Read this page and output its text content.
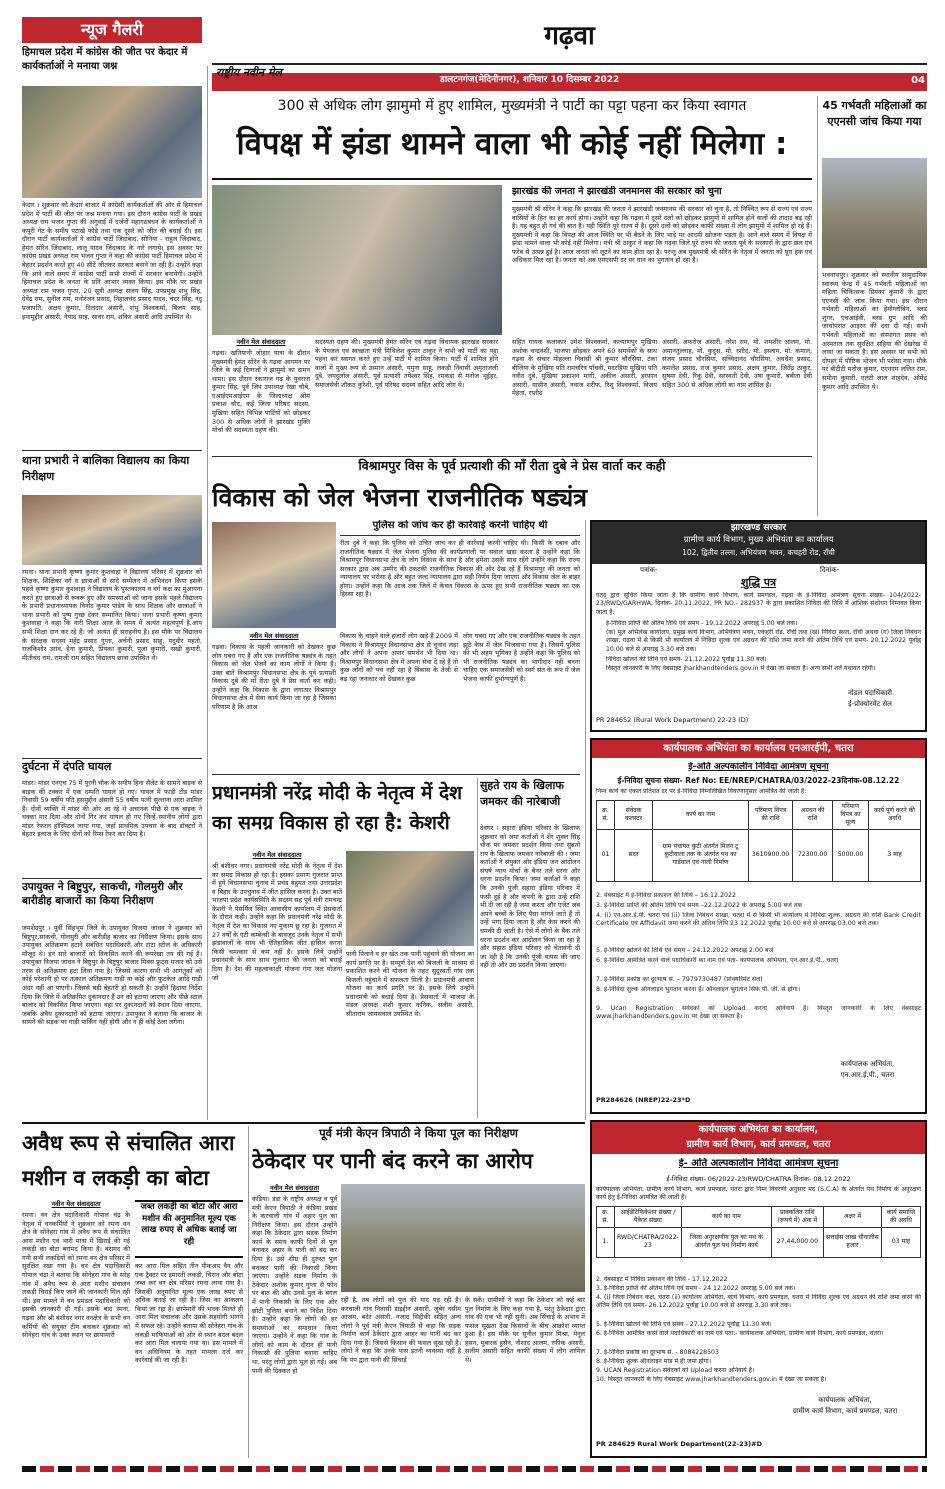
गढ़वा
राष्ट्रीय नवीन मेल
डालटनगंज(मेदिनीनगर), शनिवार 10 दिसम्बर 2022	04
न्यूज गैलरी
हिमाचल प्रदेश में कांग्रेस की जीत पर केदार में कार्यकर्ताओं ने मनाया जश्न
केदार । शुक्रवार को केदार बाजार में कांग्रेसी कार्यकर्ताओं की ओर से हिमाचल प्रदेश में पार्टी की जीत पर जश्न मनाया गया। इस दौरान कांग्रेस पार्टी के प्रखंड अध्यक्ष राम भजन गुप्ता की अगुवाई में दर्जनों महागठबंधन के कार्यकर्ताओं ने कपूरी गेट के समीप पटाखे फोड़े तथा एक दूसरे को जीत की बधाई दी। इस दौरान पार्टी कार्यकर्ताओं ने कांग्रेस पार्टी जिंदाबाद, सोनिया - राहुल जिंदाबाद, हेमंत सोरेन जिंदाबाद, लालू यादव जिंदाबाद के नारे लगाये। इस अवसर पर कांग्रेस प्रखंड अध्यक्ष राम भजन गुप्ता ने कहा की कांग्रेस पार्टी हिमाचल प्रदेश में बेहतर प्रदर्शन करते हुए 40 सीटें जीतकर सरकार बनाने जा रही है। उन्होंने कहा कि आने वाले समय में कांग्रेस पार्टी सभी राज्यों में सरकार बनायेगी। उन्होंने हिमाचल प्रदेश के जनता के प्रति आभार व्यक्त किया। इस मौके पर प्रखंड अध्यक्ष राम भजन गुप्ता, 20 सूत्री अध्यक्ष संजय सिंह, उपप्रमुख शंभु सिंह, देवेंद्र राम, सुनील राम, मनोरंजन प्रसाद, निहालचंद प्रसाद यादव, चंदर सिंह, नंदू प्रजापति, अक्षय कुमार, दिलदार अंसारी, शंभु विश्वकर्मा, बिजय साह, इमामुद्दीन अंसारी, नेयाद साह, सावर राम, शकिर अंसारी आदि उपस्थित थे।
थाना प्रभारी ने बालिका विद्यालय का किया निरीक्षण
रमना। थाना प्रभारी कृष्णा कुमार कुशवाहा ने विद्यालय परिसर में शुक्रवार को शिक्षक, शिक्षिका वर्ग व छात्राओं से सादे सम्मेलन में अभिनंदन किया इसके पहले कृष्णा कुमार कुशवाहा ने विद्यालय के पुस्तकालय व वर्ग कक्ष का मुआयना करते हुए छात्राओं से रूबरू हुए और समस्याओं को जाना इसके पहले विद्यालय के प्रभारी प्रधानाध्यापक विनोद कुमार पांडेय के साथ शिक्षक और छात्राओं ने थाना प्रभारी को पुष्प गुच्छ देकर सम्मानित किया। थाना प्रभारी कृष्णा कुमार कुशवाहा ने कहा कि नारी शिक्षा आज के समय में अत्यंत महत्वपूर्ण है,आप सभी शिक्षा दान कर रहे हैं। जो अत्यंत ही सराहनीय है। इस मौके पर विद्यालय के संरक्षक सदस्य महेंद्र प्रसाद गुप्ता, अर्चनी प्रसाद साहु, यदुवीर महतो, राजकिशोर उरांव, हेना कुमारी, प्रियंका कुमारी, पूजा कुमारी, सखी कुमारी, मीतीचंद राम, रामजी राम सहित विद्यालय छात्रा उपस्थित थे।
दुर्घटना में दंपति घायल
मांडर। मांडर एनएच 75 में पुरनी चौक के समीप हिना सैलेट के सामने बाइक से बाइक की टक्कर में एक दम्पति घायल हो गए। घायल में फाड़ी टोंड मांडर निवासी 59 वर्षीय पति हसमुद्दीन अंसारी 55 वर्षीय पत्नी सुल्ताना आरा शामिल हैं। दोनों व्यक्ति में मांडर की ओर आ रहे थे अचानक पीछे से एक बाइक ने धक्का मार दिया और दोनों गिर कर घायल हो गए जिन्हें स्थानीय लोगों द्वारा मांडर रेफरल हॉस्पिटल लाया गया, जहाँ प्राथमिक उपचार के बाद डॉक्टरों ने बेहतर इलाज के लिए दोनों को रिम्स रेफर कर दिया है।
उपायुक्त ने बिष्टुपुर, साकची, गोलमुरी और बारीडीह बाजारों का किया निरीक्षण
जमशेदपुर । पूर्वी सिंहभूम जिले के उपायुक्त विजया जाधव ने शुक्रवार को बिष्टुपुर,साकची, गोलमुरी और बारीडीह बाजार का निरीक्षण किया। इसके साथ उपायुक्त अतिक्रमण हटाने संबंधित पदाधिकारी और टाटा स्टील के अधिकारी मौजूद थे। इन सारे बाजारों को विकसित करने की रूपरेखा तय की गई है। उपायुक्त विजया जाधव ने बिष्टुपुर के बिष्टुपुर बाजार मिक्स फ्रूट्स मजार को उसे तरफ से अतिक्रमण हटा लिया गया है। जिससे कारण सभी भी आगंतुकों को कोई परेशानी हो पर तत्काल अतिक्रमण गाड़ी या कोई और फुटकेल आदि गाड़ी अंदर नहीं आ पाएगी। जिससे बड़ी बेहतरी हो सकती है। उन्होंने हिदाया निर्देश दिया कि जिले में अतिक्रमित दुकानदार हैं उन को हटाया जाएगा और पीछे स्टाल बाजार को विकसित किया जाएगा। वहां पर दुकानदारों को स्थान दिया जाएगा, जबकि अवैध दुकानदारों को हटाया जाएगा। उपायुक्त ने बताया कि बाजार के सामने की सड़क पर गाड़ी पार्किंग नहीं होगी और न ही कोई ठेला लगेगा।
300 से अधिक लोग झामुमो में हुए शामिल, मुख्यमंत्री ने पार्टी का पट्टा पहना कर किया स्वागत
विपक्ष में झंडा थामने वाला भी कोई नहीं मिलेगा :
झारखंड की जनता ने झारखंडी जनमानस की सरकार को चुना
मुख्यमंत्री श्री सोरेन ने कहा कि झारखंड की जनता ने झारखंडी जनमानस की सरकार को चुना है, तो निश्चित रूप से राज्य एवं राज्य वासियों के हित का हर कार्य होगा। उन्होंने कहा कि गढ़वा में दूसरे दलों को छोड़कर झामुमो में शामिल होने वालों की तादाद बढ़ रही है। यह बहुत ही गर्व की बात है। यही स्थिति पूरे राज्य में है। दूसरे दलों को छोड़कर काफी संख्या में लोग झामुमो में शामिल हो रहे हैं। मुख्यमंत्री ने कहा कि विपक्ष की आज स्थिति पर भी बैठने के लिए भाड़े पर आदमी खोजना पड़ता है। आने वाले समय में विपक्ष में झंडा थामने वाला भी कोई नहीं मिलेगा। मंत्री श्री ठाकुर ने कहा कि गढ़वा जिले पूरे राज्य की जनता पूर्व के सरकारों के द्वारा छल एवं फरेब से उत्पन्न हुई है। आज जनता को लूटने का काम होता रहा है। परन्तु अब मुख्यमंत्री श्री सोरेन के नेतृत्व में जनता को पूरा हक एवं अधिकार मिल रहा है। जनता को अब एमएसपी दर पर धान का भुगतान हो रहा है।
नवीन मेल संवाददाता
गढ़वा। खतियानी जोहार यात्रा के दौरान मुख्यमंत्री हेमंत सोरेन के गढ़वा आगमन पर जिले के कई दिग्गजों ने झामुमो का दामन थामा। इस दौरान रंकाराज गढ़ के युवराज कुमार सिंह, पूर्व जिप उपाध्यक्ष रेखा चौबे, एआईएमआईएम के जिलाध्यक्ष ओम प्रकाश चौद, कई जिला परिषद सदस्य, मुखिया सहित विभिन्न पार्टियों को छोड़कर 300 से अधिक लोगों ने झारखंड मुक्ति मोर्चा की सदस्यता ग्रहण की।
सदस्यता ग्रहण की। मुख्यमंत्री हेमंत सोरेन एवं गढ़वा विधायक झारखंड सरकार के पेयजल एवं स्वच्छता मंत्री मिथिलेश कुमार ठाकुर ने सभी को पार्टी का पट्टा पहना कर स्वागत करते हुए उन्हें पार्टी में शामिल किया। पार्टी में शामिल होने वालों में मुख्य रूप से उस्मान अंसारी, यमुना साहू, लकड़ी निवासी अमृतांजली दुबे, जयदुर्लाल अंसारी, पूर्व प्रत्याशी तपेश्वर सिंह, रमकंडा से मनोज भूईहर, समाजसेवी शौकत कुरैशी, पूर्व परिषद सदस्य सहित आदि लोग थे।
सहित गायक कलाकार उमेश विश्वकर्मा, कल्याणपुर मुखिया अशोक चन्द्रवंशी, भाजपा छोड़कर अपने 60 समर्थकों के साथ गढ़वा के संचार मोहल्ला निवासी श्री कुमार चौरसिया, टंका बीलिया के मुखिया पति रामचरित्र पाँचवी, मदरहिया मुखिया पति नवीन दुबे, मुखिया प्रकाशन मांगी, अकील अंसारी, इरफान अंसारी, यासीन अंसारी, नवाज शरीफ, रिशु विश्वकर्मा, विजय मेहता, राशीद
अंसारी, अफरोज अंसारी, नरेश राम, मो. शमशीर आलम, मो. अमानतुल्लाह, मो. कुदुस, मो. रशीद, मो. इस्लाम, मो. कमाल, संजय प्रसाद चौरसिया, सच्चिदानंद चौरसिया, अवधेश प्रसाद, कमलेश प्रसाद, राज कुमार प्रसाद, अक्षय कुमार, जितेंद्र ठाकुर, सुषमा देवी, रिंकू देवी, सरस्वती देवी, उषा कुमारी, बबीता देवी सहित 300 से अधिक लोगों का नाम शामिल है।
45 गर्भवती महिलाओं का एएनसी जांच किया गया
भवनाथपुर। शुक्रवार को स्थानीय सामुदायिक स्वास्थ्य केन्द्र में 45 गर्भवती महिलाओं का महिला चिकित्सक प्रियंका कुमारी के द्वारा एएनसी की जांच किया गया। इस दौरान गर्भवती महिलाओं का हेमोग्लोबिन, ब्लड शुगर, एचआईवी, ब्लड ग्रुप आदि की जांचोपरांत आइरन की दवा दी गई। सभी गर्भवती महिलाओं का संस्थागत प्रसव को अस्पताल तक सुरक्षित सहिया की देखरेख में लाया जा सकता है। इस अवसर पर सभी को दोपहर में पौष्टिक भोजन भी परोसा गया। मौके पर बीटीटी मनोज कुमार, एएनएम ललित राम, समीना कुमारी, एलटी लाल शाहदेव, ओमेंद्र कुमार आदि उपस्थित थे।
विश्रामपुर विस के पूर्व प्रत्याशी की माँ रीता दुबे ने प्रेस वार्ता कर कही
विकास को जेल भेजना राजनीतिक षड्यंत्र
पुलिस को जांच कर ही कार्रवाई करनी चाहिए थी
रीता दुबे ने कहा कि पुलिस को उचित जांच कर ही कार्रवाई करनी चाहिए थी। किसी के दबाव और राजनीतिक षड्यंत्र में जेल भेजना पुलिस की कार्यप्रणाली पर सवाल खड़ा करता है उन्होंने कहा कि विश्रामपुर विधानसभा क्षेत्र के लोग विकास के साथ है और हमेशा उसके साथ रहेंगे उन्होंने कहा कि राज्य सरकार द्वारा अब उम्मीद की टकटकी राजनीतिक विकास की ओर देख रहे हैं विश्रामपुर की जनता को न्यायालय पर भरोसा है और बहुत जल्द न्यायालय द्वारा सही निर्णय दिया जाएगा और विकास जेल के बाहर होगा। उन्होंने कहा कि आज तक जिले में केवल विकास के ऊपर हुए सभी राजनीतिक षड्यंत्र का एक हिस्सा रहा है।
नवीन मेल संवाददाता
गढ़वा। विकास के पहली जानकारी को देखकर कुछ लोग घबरा गए हैं और एक राजनीतिक षड्यंत्र के तहत विकास को जेल भेजने का काम लोगों ने किया है। उक्त बातें विश्रामपुर विधानसभा क्षेत्र के पूर्व प्रत्याशी विकास दुबे की माँ रीता दुबे ने प्रेस वार्ता कर कही। उन्होंने कहा कि विकास के द्वारा लगातार विश्रामपुर विधानसभा क्षेत्र में सेवा कार्य किया जा रहा है जिसका परिणाम है कि आज
विकास के चाहने वाले हजारों लोग खड़े हैं 2009 में विकास ने विश्रामपुर विधानसभा क्षेत्र से चुनाव लड़ा और लोगों ने अपना अपार समर्थन भी दिया था। विश्रामपुर विधानसभा क्षेत्र में अपना सेवा दे रहे हैं तो कुछ लोगों को पच नहीं रहा है विकास के तेजी से बढ़ रहा जनाधार को देखकर कुछ
लोग घबरा गए और एक राजनीतिक षड्यंत्र के तहत झूठे केस में जेल भिजवाया गया है। जिसमें पुलिस की भी अहम भूमिका है उन्होंने कहा कि पुलिस को भी राजनीतिक षड्यंत्र का भागीदार नहीं बनना चाहिए एक समाजसेवी को स्वर्ग संत के रूप में जेल भेजना काफी दुर्भाग्यपूर्ण है।
प्रधानमंत्री नरेंद्र मोदी के नेतृत्व में देश का समग्र विकास हो रहा है: केशरी
नवीन मेल संवाददाता
श्री बंशीधर नगर। प्रधानमंत्री नरेंद्र मोदी के नेतृत्व में देश का समग्र विकास हो रहा है। इसका प्रमाण गुजरात प्रान्त में हुये विधानसभा चुनाव में प्रचंड बहुमत तथा उत्तरप्रदेश व बिहार के उपचुनाव में जीत हासिल करना है। उक्त बातें भाजपा प्रदेश कार्यसमिति के सदस्य सह पूर्व मंत्री रामचन्द्र केशरी ने पेसर्मिल स्थित आवासीय कार्यालय में प्रेसवार्ता के दौरान कही। उन्होंने कहा कि प्रधानमंत्री नरेंद्र मोदी के नेतृत्व में देश का विकास नए मुकाम छू रहा है। गुजरात में 27 वर्षों के एंटी कम्बेन्सी के बावजूद उनके नेतृत्व में सभी झंडावालों के साथ भी ऐतिहासिक जीत हासिल करना किसी चमत्कार से कम नहीं है। इसके लिये उन्होंने प्रधानमंत्री के साथ साथ गुजरात की जनता को बधाई दिया है। देश की महत्वाकांक्षी योजना गंगा जल योजना जो
पानी पिलाने व हर खेत तक पानी पहुंचाने की योजना का कार्य प्रगति पर है। सम्पूर्ण देश को बिजली के माध्यम से प्रकाशित करने की योजना के तहत सुदूरवर्ती गांव तक बिजली पहुंचाने में सफलता मिली है। प्रधानमंत्री आवास योजना का कार्य प्रगति पर है। इसके लिये उन्होंने प्रधानमंत्री को बधाई दिया है। प्रेसवार्ता में भाजपा के मंडल अध्यक्ष शशी कुमार कनिक, सलीम अंसारी, सीताराम जायसवाल उपस्थित थे।
सुहते राय के खिलाफ जमकर की नारेबाजी
देवघर । सहारा इंडिया परिवार के खिलाफ शुक्रवार को जमा कर्ताओं ने शेर शुक्ल सिंह चौक पर जमकर प्रदर्शन किया तथा सुब्रतो राय के खिलाफ जमकर नारेबाजी की । जमा कर्ताओं ने संयुक्त ओर इंडिया जन आंदोलन संघर्ष न्याय मोर्चा के बैनर तले धरना और धरना प्रदर्शन किया। जमा कर्ताओं ने कहा कि उनकी पूंजी सहारा इंडिया परिवार में फंसी हुई है और कंपनी के द्वारा उन्हें राशि भी दी जा रही है जमा करता और एजेंट जब अपने बच्चों के लिए पैसा मांगने जाते हैं तो उन्हें भगा दिया जाता है और केस करने की धमकी दी जाती है। ऐसे में लोगों के बैंक तले धरना प्रदर्शन कर आंदोलन किया जा रहा है और सहारा इंडिया परिवार को चेतावनी दी जा रही है कि उनकी पूंजी वापस की जाए नहीं तो और उग्र प्रदर्शन किया जाएगा।
अवैध रूप से संचालित आरा मशीन व लकड़ी का बोटा
नवीन मेल संवाददाता
रमना। वन क्षेत्र पदाधिकारी गोपाल चंद्र के नेतृत्व में वनकर्मियों ने शुक्रवार को रमना वन क्षेत्र के सोनेहरा गांव में अवैध रूप से संचालित आरा मशीन एवं भारी मात्रा में खिराई की गई लकड़ी का बोटा बरामद किया है। बरामद की गयी सभी लकड़ियों को रमना वन क्षेत्र परिसर में सुरक्षित रखा गया है। वन क्षेत्र पदाधिकारी गोपाल चंद्रा ने बताया कि सोनेहरा गांव के सरेह गांव में अवैध रूप से आरा मशीन संचालन लकड़ी चिराई किए जाने की जानकारी मिल रही थी। इस मामले में वन प्रमंडल पदाधिकारी को इसकी जानकारी दी गई। इसके बाद रमना, गढ़वा और श्री बंशीधर नगर वनक्षेत्र के सभी वन कर्मियों की संयुक्त टीम बनाकर शुक्रवार को सोनेहरा गांव के उक्त स्थान पर छापामारी
जब्त लकड़ी का बोटा और आरा मशीन की अनुमानित मूल्य एक लाख रुपए से अधिक बताई जा रही
कर आरा मिल सहित तीन पीकअप वैन और एक ट्रैक्टर पर इमारती लकड़ी, चिरान और बोटा जब्त कर वन क्षेत्र परिसर रमना लाया गया है। जिसकी अनुमानित मूल्य एक लाख रुपए से अधिक बताई जा रही है। जिस का आकलन किया जा रहा है। छापेमारी की भनक मिलते ही आरा मिल संचालक और उसके सहयोगी भागने में सफल रहे। उन्होंने बताया की सोनेहरा गांव के लकड़ी माफियाओं को ओर से स्थान बदल बदल कर आरा मिल चलाया गया था। इस मामले में वन अधिनियम के तहत मामला दर्ज कर कार्रवाई की जा रही है।
पूर्व मंत्री केएन त्रिपाठी ने किया पूल का निरीक्षण
ठेकेदार पर पानी बंद करने का आरोप
नवीन मेल संवाददाता
कंडिया। डंडा के राष्ट्रीय अध्यक्ष व पूर्व मंत्री केएन त्रिपाठी ने कंडिया प्रखंड के करचाली गांव में अहार पुल का निरीक्षण किया। इस दौरान उन्होंने कहा कि ठेकेदार द्वारा सड़क निर्माण कार्य के समय काफी दिनों से पुल बनाकर अहार के पानी को बंद कर दिया है। उसे शीघ्र ही दुरुस्त पुल बनाकर पानी की निकासी किया जाएगा। उन्होंने सड़क निर्माण के ठेकेदार अशोक कुमार गुप्ता से फोन पर बात की और उनसे पुल के बगल में पानी निकासी के लिए एक ओर छोटी पुलिया बनाने का निर्देश दिया है। उन्होंने कहा कि लोगों की हर समस्याओं का समाधान किया जाएगा। उन्होंने ने कहा कि गांव के लोगों को काम के दौरान ही पानी निकासी की पुलिया बनाना चाहिए था, परंतु लोगों द्वारा भूल हो गई। अब पानी की दिक्कत हो
रही है, तब लोगों को पुल की याद पड़ रही है। करचाली गांव निवासी डाइद्दीन अंसारी, जुबेर नसीम आजम, बदेर अंसारी, नजाद सिद्दीकी सहित अन्य लोगों ने पूर्व मंत्री केएन त्रिपाठी से कहा कि सड़क निर्माण कार्य ठेकेदार द्वारा आहर का पानी बंद कर दिया गया है। जिससे किसान की फसल सूख रही है। लोगों ने कहा कि उनके पास इतनी व्यवस्था नहीं है कि पंप द्वारा पानी की सिंचाई
के सकें। ग्रामीणों ने कहा कि ठेकेदार को कई बार पुल निर्माण के लिए कहा गया है, परंतु ठेकेदार द्वारा गांव की एक भी नहीं सुनी। अब सिंचाई के अभाव में फसल सूखता देख किसानों के बीच आक्रोश व्याप्त हुआ है। इस मौके पर सुनील कुमार मिश्रा, मेनुल हसन, मुबारक हुसैन, नौशाद आलम, रफीक अंसारी, सलीम अंसारी सहित काफी संख्या में लोग शामिल थे।
झारखण्ड सरकार
ग्रामीण कार्य विभाग, मुख्य अभियंता का कार्यालय
102, द्वितीय तल्ला, अभियंत्रण भवन, कचहरी रोड, राँची
पत्रांक-	दिनांक-
शुद्धि पत्र
एतद् द्वारा सूचित किया जाता है कि ग्रामीण कार्य विभाग, कार्य प्रमण्डल, गढ़वा के ई-निविदा आमंत्रण सूचना संख्या- 104/2022-23/RWD/GARHWA, दिनांक- 20.11.2022, PR NO.- 282937 के द्वारा प्रकाशित निविदा की तिथि में आंशिक संशोधन निम्नवत किया जाता है:
ई-निविदा प्राप्ति की अंतिम तिथि एवं समय - 19.12.2022 अपराह्न 5.00 बजे तक।
(क) मूल अभिलेख कार्यालय, प्रमुख कार्य विभाग, अभियंत्रण भवन, एकहरी रोड, राँची तथा (ख) निविदा स्थल, राँची अथवा (ग) जिला निबंधन शाखा, गढ़वा में से किसी भी कार्यालय में निविदा शुल्क एवं अग्रधन की राशि जमा करने की अंतिम तिथि एवं समय- 20.12.2022 पूर्वाह्न 10.00 बजे से अपराह्न 3.30 बजे तक।
निविदा खोलने की तिथि एवं समय- 21.12.2022 पूर्वाह्न 11.30 बजे।
विस्तृत जानकारी के लिए वेबसाइट jharkhandtenders.gov.in में देखा जा सकता है। अन्य सभी शर्तें यथावत रहेंगी।
नोडल पदाधिकारी
ई-प्रोक्योरमेंट सेल
PR 284652 (Rural Work Department) 22-23 (D)
कार्यपालक अभियंता का कार्यालय एनआरईपी, चतरा
ई-अति अल्पकालीन निविदा आमंत्रण सूचना
ई-निविदा सूचना संख्या- Ref No: EE/NREP/CHATRA/03/2022-23दिनांक-08.12.22
निम्न कार्य का एकल प्रतिशत दर पर ई-निविदा निम्नलिखित विवरणानुसार आमंत्रित की जाती है:
क्र. सं.	संवेदक कलस्टर	कार्य का नाम	परिमाण विपत्र की राशि	अग्रधन की राशि	परिमाण विपत्र का मूल्य	कार्य पूर्ण करने की अवधि
01	सदर	ग्राम पंचायत कुटी अंतर्गत मिलन टू कुटीवाला तक के अंतर्गत पथ का गार्डवाल एवं नाली निर्माण	3610900.00	72300.00	5000.00	3 माह
2. वेबसाईट में ई-निविदा प्रकाशन की तिथि – 16.12.2022
3. ई-निविदा प्राप्ति की अंतिम तिथि एवं समय –22.12.2022 के अपराह्न 5:00 बजे तक
4. (i) एन.आर.ई.पी. चतरा एवं (ii) जिला निबंधन शाखा, चतरा में से किसी भी कार्यालय में निविदा शुल्क, अग्रधन की राशि Bank Credit Certificate एवं Affidavit जमा करने की अंतिम तिथि 23.12.2022 पूर्वाह्न 10.00 बजे से अपराह्न 03.00 बजे तक।
5. ई-निविदा खोलने की तिथि एवं समय – 24.12.2022 अपराह्न 2:00 बजे
6. ई-निविदा आमंत्रित करने वाले पदाधिकारी का नाम एवं पता- कार्यपालक अभियंता, एन.आर.ई.पी., चतरा
7. ई-निविदा प्रकोष्ठ का दूरभाष सं. – 7979730487 (प्रोक्यरिमेंट सेल)
8. ई-निविदा शुल्क ऑनलाइन भुगतान करना है। ऑनलाइन भुगतान सिर्फ पी. जी. से होगा।
9. Ucan Registration संवेदकों को Upload करना अनिवार्य है। विस्तृत जानकारी के लिए वेबसाइट www.jharkhandtenders.gov.in पर देखा जा सकता है।
कार्यपालक अभियंता,
एन.आर.ई.पी., चतरा
PR284626 (NREP)22-23*D
कार्यपालक अभियंता का कार्यालय,
ग्रामीण कार्य विभाग, कार्य प्रमण्डल, चतरा
ई- अति अल्पकालीन निविदा आमंत्रण सूचना
ई-निविदा संख्या- 06/2022-23/RWD/CHATRA दिनांक- 08.12.2022
कार्यपालक अभियंता, ग्रामीण कार्य विभाग, कार्य प्रमण्डल, चतरा द्वारा निम्न विवरणी अनुसार मद (S.C.A) के अंतर्गत पथ निर्माण के अनुरक्षण कार्य हेतु ई-निविदा आमंत्रित की जाती है।
क्र. सं.	आईडेंटिफिकेशन संख्या / पैकेज संख्या	कार्य का नाम	प्राक्कलित राशि (रूपये में) अंक में	अक्षर में	कार्य समाप्ति की अवधि
1.	RWD/CHATRA/2022-23	जिला अनुरक्षणीय पुल का पथ के अंतर्गत पुल पथ निर्माण कार्य	27,44,000.00	सत्ताईस लाख चौवालीस हजार	03 माह
2. वेबसाइट में निविदा प्रकाशन की तिथि - 17.12.2022
3. ई-निविदा प्राप्ति की अंतिम तिथि एवं समय - 24.12.2022 अपराह्न 5.00 बजे तक।
4. (i) जिला निबंधन कक्ष, चतरा (ii) कार्यालय अभियंता, कार्य विभाग, कार्य प्रमण्डल, चतरा में निविदा शुल्क एवं अग्रधन की राशि जमा करने की अंतिम तिथि एवं समय- 26.12.2022 पूर्वाह्न 10.00 बजे से अपराह्न 3.30 बजे तक।
5. ई-निविदा खोलने की तिथि एवं समय - 27.12.2022 पूर्वाह्न 11.30 बजे।
6. ई-निविदा आमंत्रित करने वाले पदाधिकारी का नाम एवं पता:- कार्यपालक अभियंता, ग्रामीण कार्य विभाग, कार्य प्रमण्डल, चतरा।
7. ई-निविदा प्रकोष्ठ का दूरभाष सं. - 8084228503
8. ई-निविदा शुल्क ऑनलाइन मोड में ही जमा होगा।
9. UCAN Registration संवेदकों को Upload करना अनिवार्य है।
10. विस्तृत जानकारी के लिए वेबसाइट www.jharkhandtenders.gov.in में देखा जा सकता है।
कार्यपालक अभियंता,
ग्रामीण कार्य विभाग, कार्य प्रमण्डल, चतरा
PR 284629 Rural Work Department(22-23)#D
